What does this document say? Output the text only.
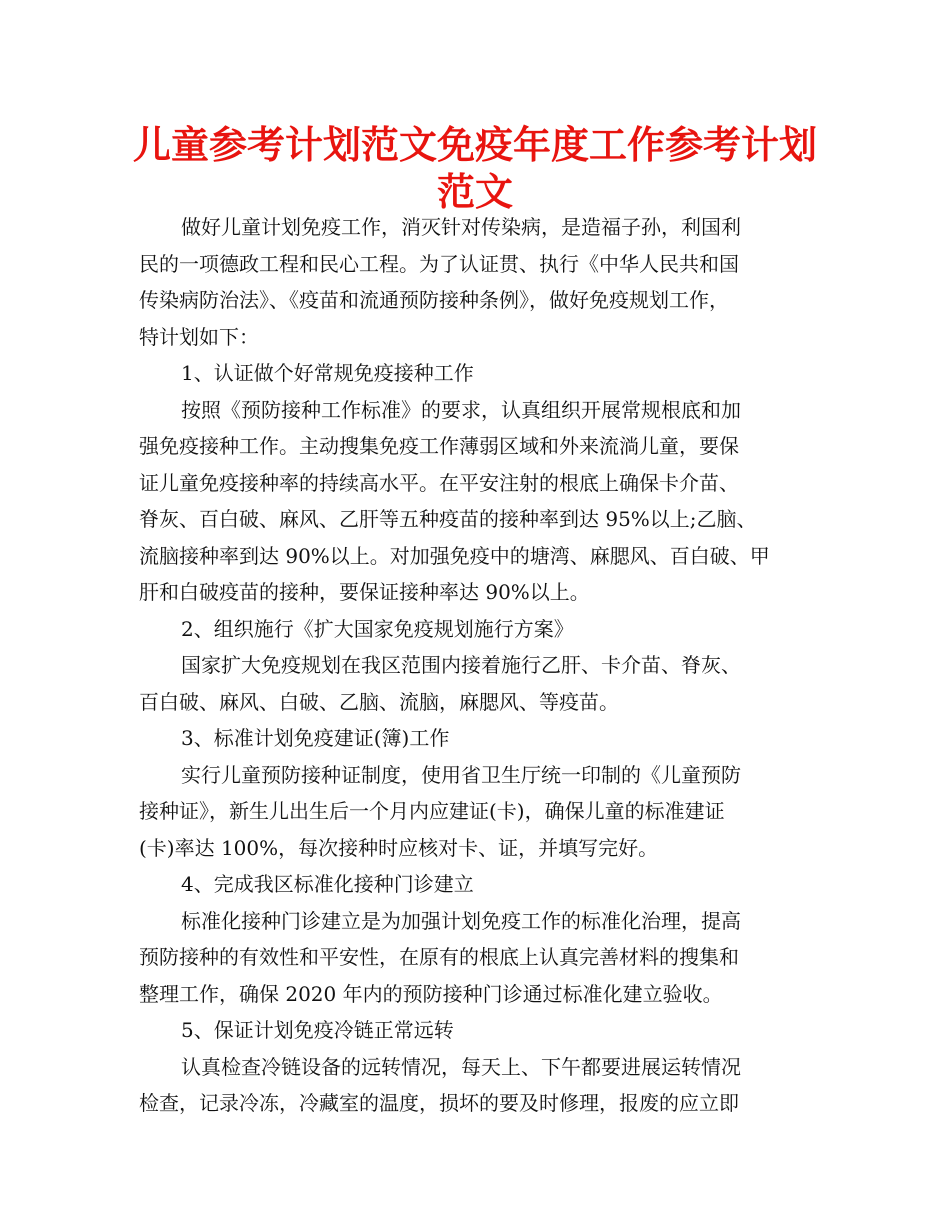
儿童参考计划范文免疫年度工作参考计划
范文
做好儿童计划免疫工作，消灭针对传染病，是造福子孙，利国利
民的一项德政工程和民心工程。为了认证贯、执行《中华人民共和国
传染病防治法》、《疫苗和流通预防接种条例》，做好免疫规划工作，
特计划如下：
1、认证做个好常规免疫接种工作
按照《预防接种工作标准》的要求，认真组织开展常规根底和加
强免疫接种工作。主动搜集免疫工作薄弱区域和外来流淌儿童，要保
证儿童免疫接种率的持续高水平。在平安注射的根底上确保卡介苗、
脊灰、百白破、麻风、乙肝等五种疫苗的接种率到达 95%以上;乙脑、
流脑接种率到达 90%以上。对加强免疫中的塘湾、麻腮风、百白破、甲
肝和白破疫苗的接种，要保证接种率达 90%以上。
2、组织施行《扩大国家免疫规划施行方案》
国家扩大免疫规划在我区范围内接着施行乙肝、卡介苗、脊灰、
百白破、麻风、白破、乙脑、流脑，麻腮风、等疫苗。
3、标准计划免疫建证(簿)工作
实行儿童预防接种证制度，使用省卫生厅统一印制的《儿童预防
接种证》，新生儿出生后一个月内应建证(卡)，确保儿童的标准建证
(卡)率达 100%，每次接种时应核对卡、证，并填写完好。
4、完成我区标准化接种门诊建立
标准化接种门诊建立是为加强计划免疫工作的标准化治理，提高
预防接种的有效性和平安性，在原有的根底上认真完善材料的搜集和
整理工作，确保 2020 年内的预防接种门诊通过标准化建立验收。
5、保证计划免疫冷链正常远转
认真检查冷链设备的远转情况，每天上、下午都要进展运转情况
检查，记录冷冻，冷藏室的温度，损坏的要及时修理，报废的应立即
